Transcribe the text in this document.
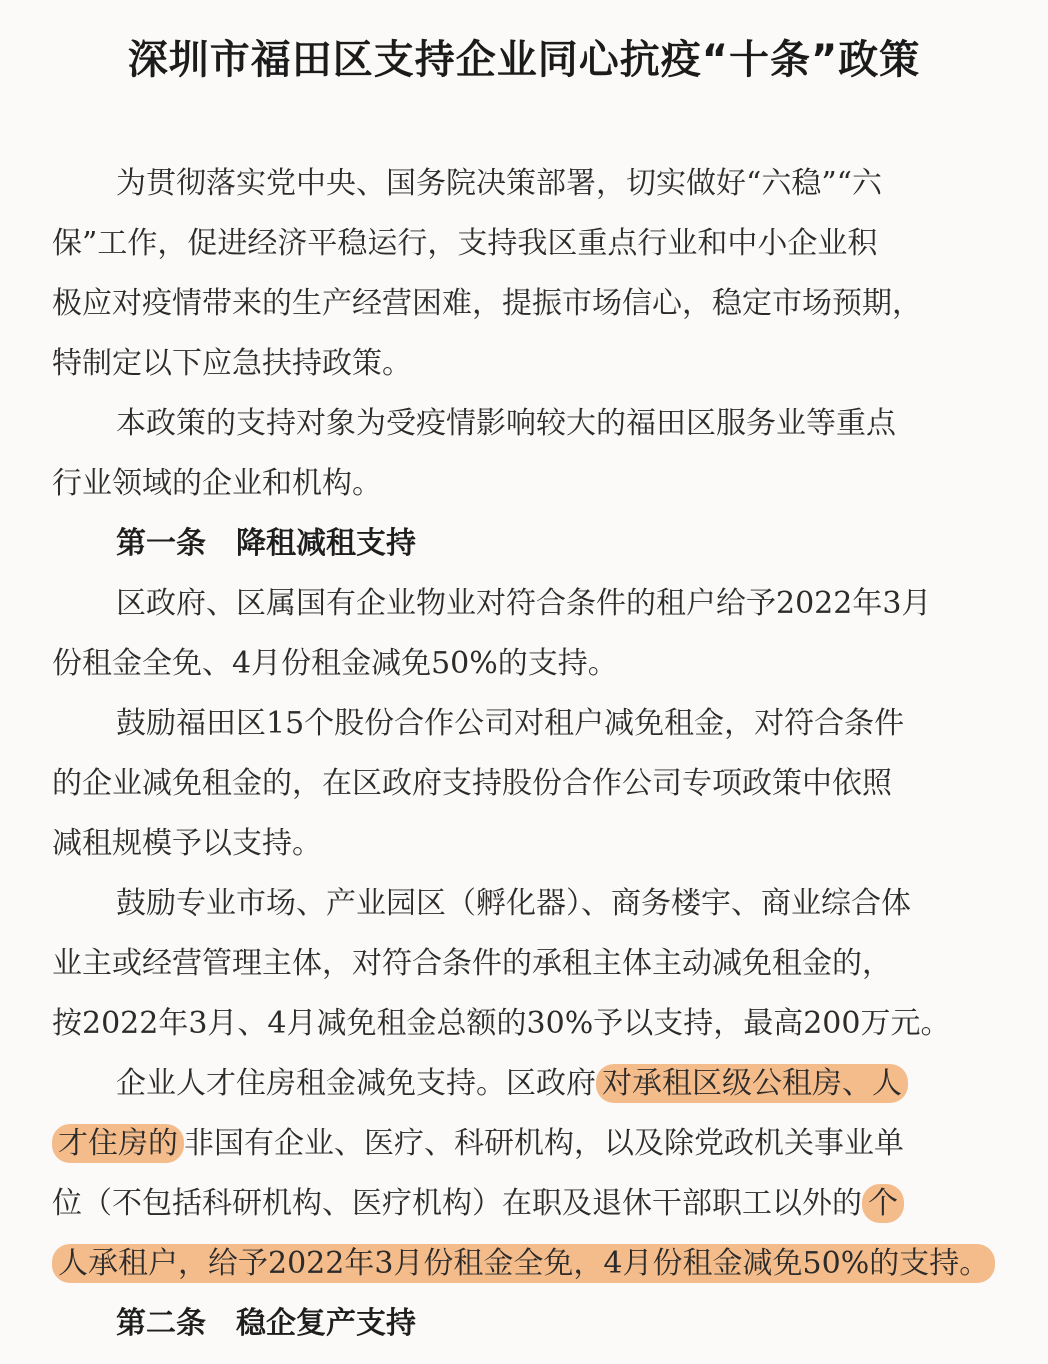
深圳市福田区支持企业同心抗疫“十条”政策
为贯彻落实党中央、国务院决策部署，切实做好“六稳”“六
保”工作，促进经济平稳运行，支持我区重点行业和中小企业积
极应对疫情带来的生产经营困难，提振市场信心，稳定市场预期，
特制定以下应急扶持政策。
本政策的支持对象为受疫情影响较大的福田区服务业等重点
行业领域的企业和机构。
第一条 降租减租支持
区政府、区属国有企业物业对符合条件的租户给予2022年3月
份租金全免、4月份租金减免50%的支持。
鼓励福田区15个股份合作公司对租户减免租金，对符合条件
的企业减免租金的，在区政府支持股份合作公司专项政策中依照
减租规模予以支持。
鼓励专业市场、产业园区（孵化器）、商务楼宇、商业综合体
业主或经营管理主体，对符合条件的承租主体主动减免租金的，
按2022年3月、4月减免租金总额的30%予以支持，最高200万元。
企业人才住房租金减免支持。区政府 对承租区级公租房、人
才住房的 非国有企业、医疗、科研机构，以及除党政机关事业单
位（不包括科研机构、医疗机构）在职及退休干部职工以外的 个
人承租户，给予2022年3月份租金全免，4月份租金减免50%的支持。
第二条 稳企复产支持
